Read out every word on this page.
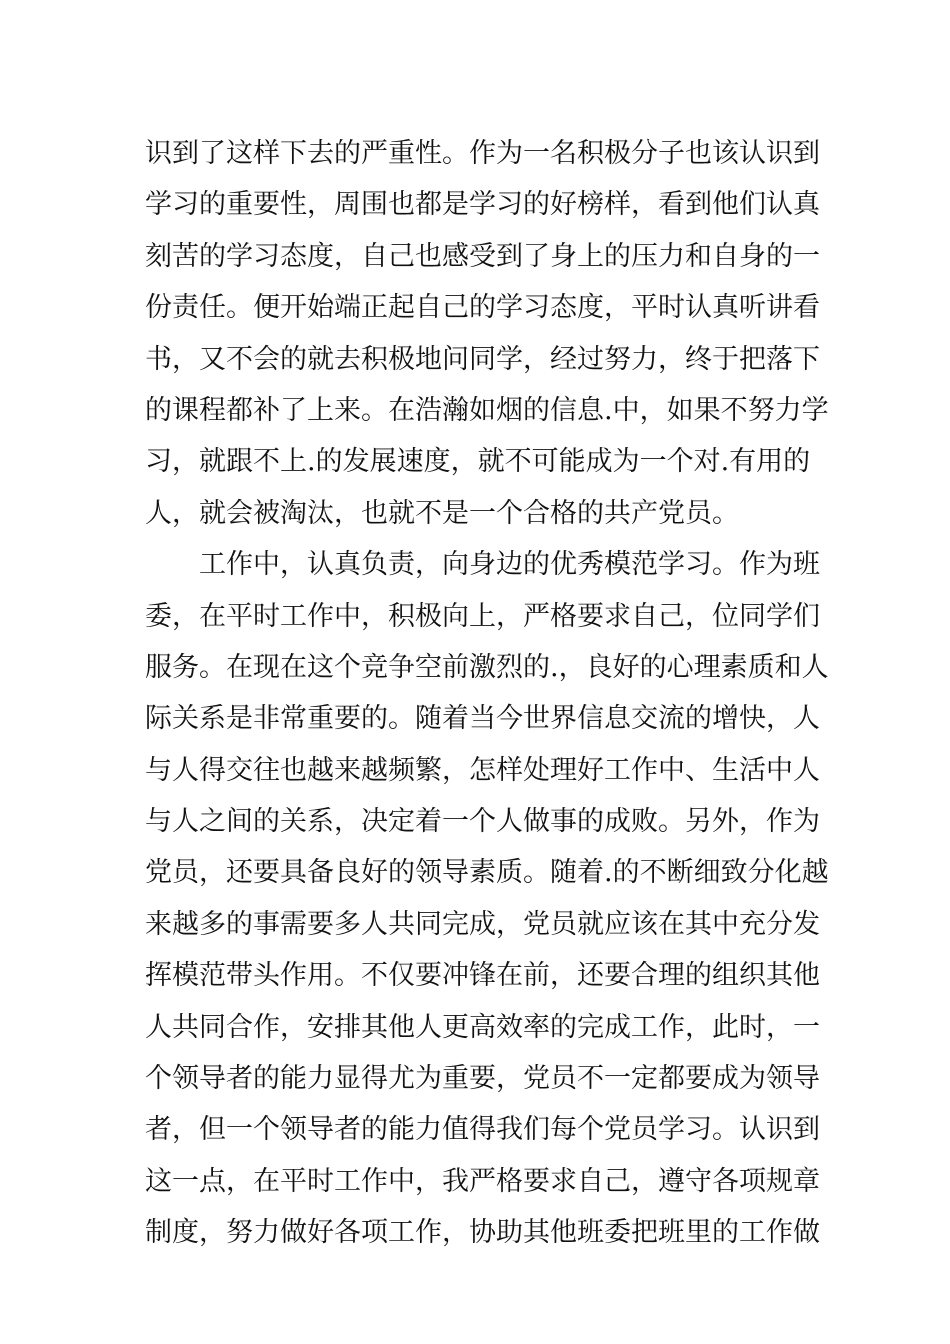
识到了这样下去的严重性。作为一名积极分子也该认识到
学习的重要性，周围也都是学习的好榜样，看到他们认真
刻苦的学习态度，自己也感受到了身上的压力和自身的一
份责任。便开始端正起自己的学习态度，平时认真听讲看
书，又不会的就去积极地问同学，经过努力，终于把落下
的课程都补了上来。在浩瀚如烟的信息.中，如果不努力学
习，就跟不上.的发展速度，就不可能成为一个对.有用的
人，就会被淘汰，也就不是一个合格的共产党员。
　　工作中，认真负责，向身边的优秀模范学习。作为班
委，在平时工作中，积极向上，严格要求自己，位同学们
服务。在现在这个竞争空前激烈的.，良好的心理素质和人
际关系是非常重要的。随着当今世界信息交流的增快，人
与人得交往也越来越频繁，怎样处理好工作中、生活中人
与人之间的关系，决定着一个人做事的成败。另外，作为
党员，还要具备良好的领导素质。随着.的不断细致分化越
来越多的事需要多人共同完成，党员就应该在其中充分发
挥模范带头作用。不仅要冲锋在前，还要合理的组织其他
人共同合作，安排其他人更高效率的完成工作，此时，一
个领导者的能力显得尤为重要，党员不一定都要成为领导
者，但一个领导者的能力值得我们每个党员学习。认识到
这一点，在平时工作中，我严格要求自己，遵守各项规章
制度，努力做好各项工作，协助其他班委把班里的工作做
